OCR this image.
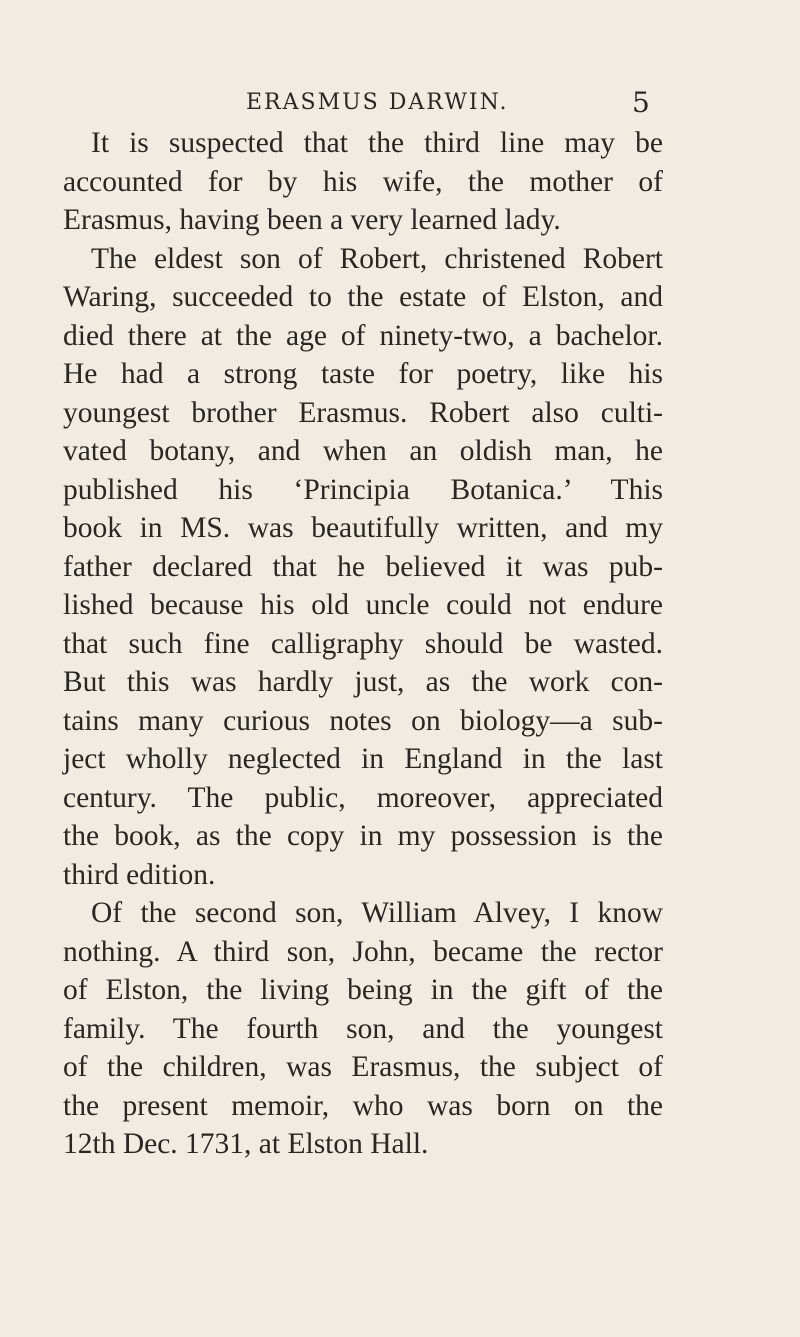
ERASMUS DARWIN.	5

It is suspected that the third line may be
accounted for by his wife, the mother of
Erasmus, having been a very learned lady.

The eldest son of Robert, christened Robert
Waring, succeeded to the estate of Elston, and
died there at the age of ninety-two, a bachelor.
He had a strong taste for poetry, like his
youngest brother Erasmus. Robert also culti-
vated botany, and when an oldish man, he
published his ‘Principia Botanica.’ This
book in MS. was beautifully written, and my
father declared that he believed it was pub-
lished because his old uncle could not endure
that such fine calligraphy should be wasted.
But this was hardly just, as the work con-
tains many curious notes on biology—a sub-
ject wholly neglected in England in the last
century. The public, moreover, appreciated
the book, as the copy in my possession is the
third edition.

Of the second son, William Alvey, I know
nothing. A third son, John, became the rector
of Elston, the living being in the gift of the
family. The fourth son, and the youngest
of the children, was Erasmus, the subject of
the present memoir, who was born on the
12th Dec. 1731, at Elston Hall.
